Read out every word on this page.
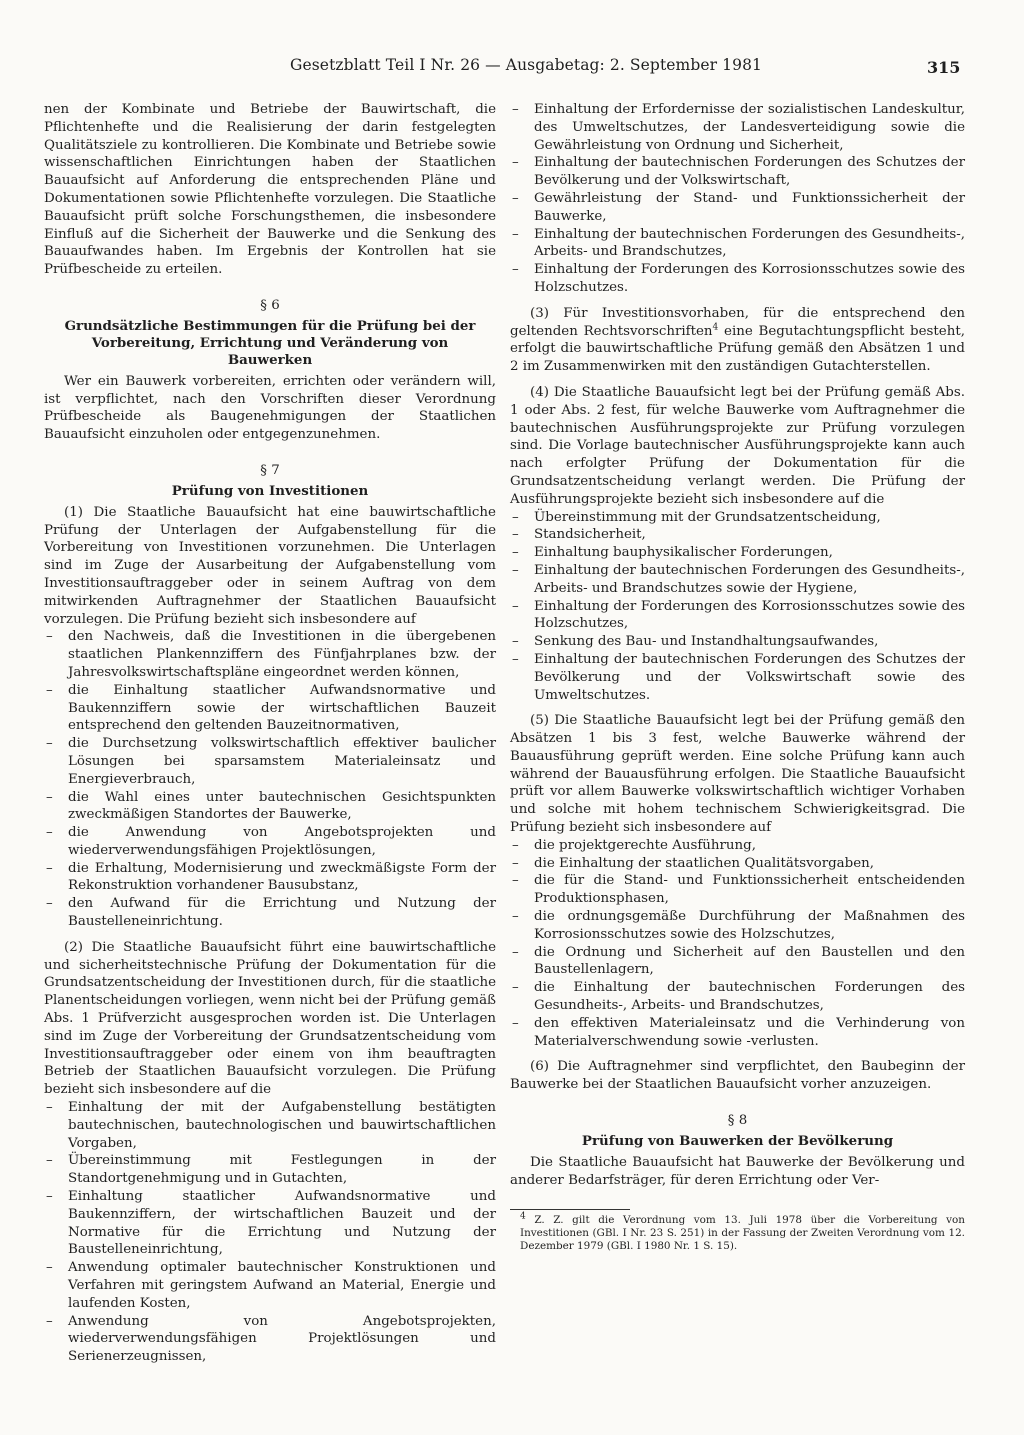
Gesetzblatt Teil I Nr. 26 — Ausgabetag: 2. September 1981	315

nen der Kombinate und Betriebe der Bauwirtschaft, die Pflichtenhefte und die Realisierung der darin festgelegten Qualitätsziele zu kontrollieren. Die Kombinate und Betriebe sowie wissenschaftlichen Einrichtungen haben der Staatlichen Bauaufsicht auf Anforderung die entsprechenden Pläne und Dokumentationen sowie Pflichtenhefte vorzulegen. Die Staatliche Bauaufsicht prüft solche Forschungsthemen, die insbesondere Einfluß auf die Sicherheit der Bauwerke und die Senkung des Bauaufwandes haben. Im Ergebnis der Kontrollen hat sie Prüfbescheide zu erteilen.

§ 6

Grundsätzliche Bestimmungen für die Prüfung bei der Vorbereitung, Errichtung und Veränderung von Bauwerken

Wer ein Bauwerk vorbereiten, errichten oder verändern will, ist verpflichtet, nach den Vorschriften dieser Verordnung Prüfbescheide als Baugenehmigungen der Staatlichen Bauaufsicht einzuholen oder entgegenzunehmen.

§ 7

Prüfung von Investitionen

(1) Die Staatliche Bauaufsicht hat eine bauwirtschaftliche Prüfung der Unterlagen der Aufgabenstellung für die Vorbereitung von Investitionen vorzunehmen. Die Unterlagen sind im Zuge der Ausarbeitung der Aufgabenstellung vom Investitionsauftraggeber oder in seinem Auftrag von dem mitwirkenden Auftragnehmer der Staatlichen Bauaufsicht vorzulegen. Die Prüfung bezieht sich insbesondere auf

– den Nachweis, daß die Investitionen in die übergebenen staatlichen Plankennziffern des Fünfjahrplanes bzw. der Jahresvolkswirtschaftspläne eingeordnet werden können,
– die Einhaltung staatlicher Aufwandsnormative und Baukennziffern sowie der wirtschaftlichen Bauzeit entsprechend den geltenden Bauzeitnormativen,
– die Durchsetzung volkswirtschaftlich effektiver baulicher Lösungen bei sparsamstem Materialeinsatz und Energieverbrauch,
– die Wahl eines unter bautechnischen Gesichtspunkten zweckmäßigen Standortes der Bauwerke,
– die Anwendung von Angebotsprojekten und wiederverwendungsfähigen Projektlösungen,
– die Erhaltung, Modernisierung und zweckmäßigste Form der Rekonstruktion vorhandener Bausubstanz,
– den Aufwand für die Errichtung und Nutzung der Baustelleneinrichtung.

(2) Die Staatliche Bauaufsicht führt eine bauwirtschaftliche und sicherheitstechnische Prüfung der Dokumentation für die Grundsatzentscheidung der Investitionen durch, für die staatliche Planentscheidungen vorliegen, wenn nicht bei der Prüfung gemäß Abs. 1 Prüfverzicht ausgesprochen worden ist. Die Unterlagen sind im Zuge der Vorbereitung der Grundsatzentscheidung vom Investitionsauftraggeber oder einem von ihm beauftragten Betrieb der Staatlichen Bauaufsicht vorzulegen. Die Prüfung bezieht sich insbesondere auf die

– Einhaltung der mit der Aufgabenstellung bestätigten bautechnischen, bautechnologischen und bauwirtschaftlichen Vorgaben,
– Übereinstimmung mit Festlegungen in der Standortgenehmigung und in Gutachten,
– Einhaltung staatlicher Aufwandsnormative und Baukennziffern, der wirtschaftlichen Bauzeit und der Normative für die Errichtung und Nutzung der Baustelleneinrichtung,
– Anwendung optimaler bautechnischer Konstruktionen und Verfahren mit geringstem Aufwand an Material, Energie und laufenden Kosten,
– Anwendung von Angebotsprojekten, wiederverwendungsfähigen Projektlösungen und Serienerzeugnissen,
– Einhaltung der Erfordernisse der sozialistischen Landeskultur, des Umweltschutzes, der Landesverteidigung sowie die Gewährleistung von Ordnung und Sicherheit,
– Einhaltung der bautechnischen Forderungen des Schutzes der Bevölkerung und der Volkswirtschaft,
– Gewährleistung der Stand- und Funktionssicherheit der Bauwerke,
– Einhaltung der bautechnischen Forderungen des Gesundheits-, Arbeits- und Brandschutzes,
– Einhaltung der Forderungen des Korrosionsschutzes sowie des Holzschutzes.

(3) Für Investitionsvorhaben, für die entsprechend den geltenden Rechtsvorschriften$^4$ eine Begutachtungspflicht besteht, erfolgt die bauwirtschaftliche Prüfung gemäß den Absätzen 1 und 2 im Zusammenwirken mit den zuständigen Gutachterstellen.

(4) Die Staatliche Bauaufsicht legt bei der Prüfung gemäß Abs. 1 oder Abs. 2 fest, für welche Bauwerke vom Auftragnehmer die bautechnischen Ausführungsprojekte zur Prüfung vorzulegen sind. Die Vorlage bautechnischer Ausführungsprojekte kann auch nach erfolgter Prüfung der Dokumentation für die Grundsatzentscheidung verlangt werden. Die Prüfung der Ausführungsprojekte bezieht sich insbesondere auf die

– Übereinstimmung mit der Grundsatzentscheidung,
– Standsicherheit,
– Einhaltung bauphysikalischer Forderungen,
– Einhaltung der bautechnischen Forderungen des Gesundheits-, Arbeits- und Brandschutzes sowie der Hygiene,
– Einhaltung der Forderungen des Korrosionsschutzes sowie des Holzschutzes,
– Senkung des Bau- und Instandhaltungsaufwandes,
– Einhaltung der bautechnischen Forderungen des Schutzes der Bevölkerung und der Volkswirtschaft sowie des Umweltschutzes.

(5) Die Staatliche Bauaufsicht legt bei der Prüfung gemäß den Absätzen 1 bis 3 fest, welche Bauwerke während der Bauausführung geprüft werden. Eine solche Prüfung kann auch während der Bauausführung erfolgen. Die Staatliche Bauaufsicht prüft vor allem Bauwerke volkswirtschaftlich wichtiger Vorhaben und solche mit hohem technischem Schwierigkeitsgrad. Die Prüfung bezieht sich insbesondere auf

– die projektgerechte Ausführung,
– die Einhaltung der staatlichen Qualitätsvorgaben,
– die für die Stand- und Funktionssicherheit entscheidenden Produktionsphasen,
– die ordnungsgemäße Durchführung der Maßnahmen des Korrosionsschutzes sowie des Holzschutzes,
– die Ordnung und Sicherheit auf den Baustellen und den Baustellenlagern,
– die Einhaltung der bautechnischen Forderungen des Gesundheits-, Arbeits- und Brandschutzes,
– den effektiven Materialeinsatz und die Verhinderung von Materialverschwendung sowie -verlusten.

(6) Die Auftragnehmer sind verpflichtet, den Baubeginn der Bauwerke bei der Staatlichen Bauaufsicht vorher anzuzeigen.

§ 8

Prüfung von Bauwerken der Bevölkerung

Die Staatliche Bauaufsicht hat Bauwerke der Bevölkerung und anderer Bedarfsträger, für deren Errichtung oder Ver-

4 Z. Z. gilt die Verordnung vom 13. Juli 1978 über die Vorbereitung von Investitionen (GBl. I Nr. 23 S. 251) in der Fassung der Zweiten Verordnung vom 12. Dezember 1979 (GBl. I 1980 Nr. 1 S. 15).
